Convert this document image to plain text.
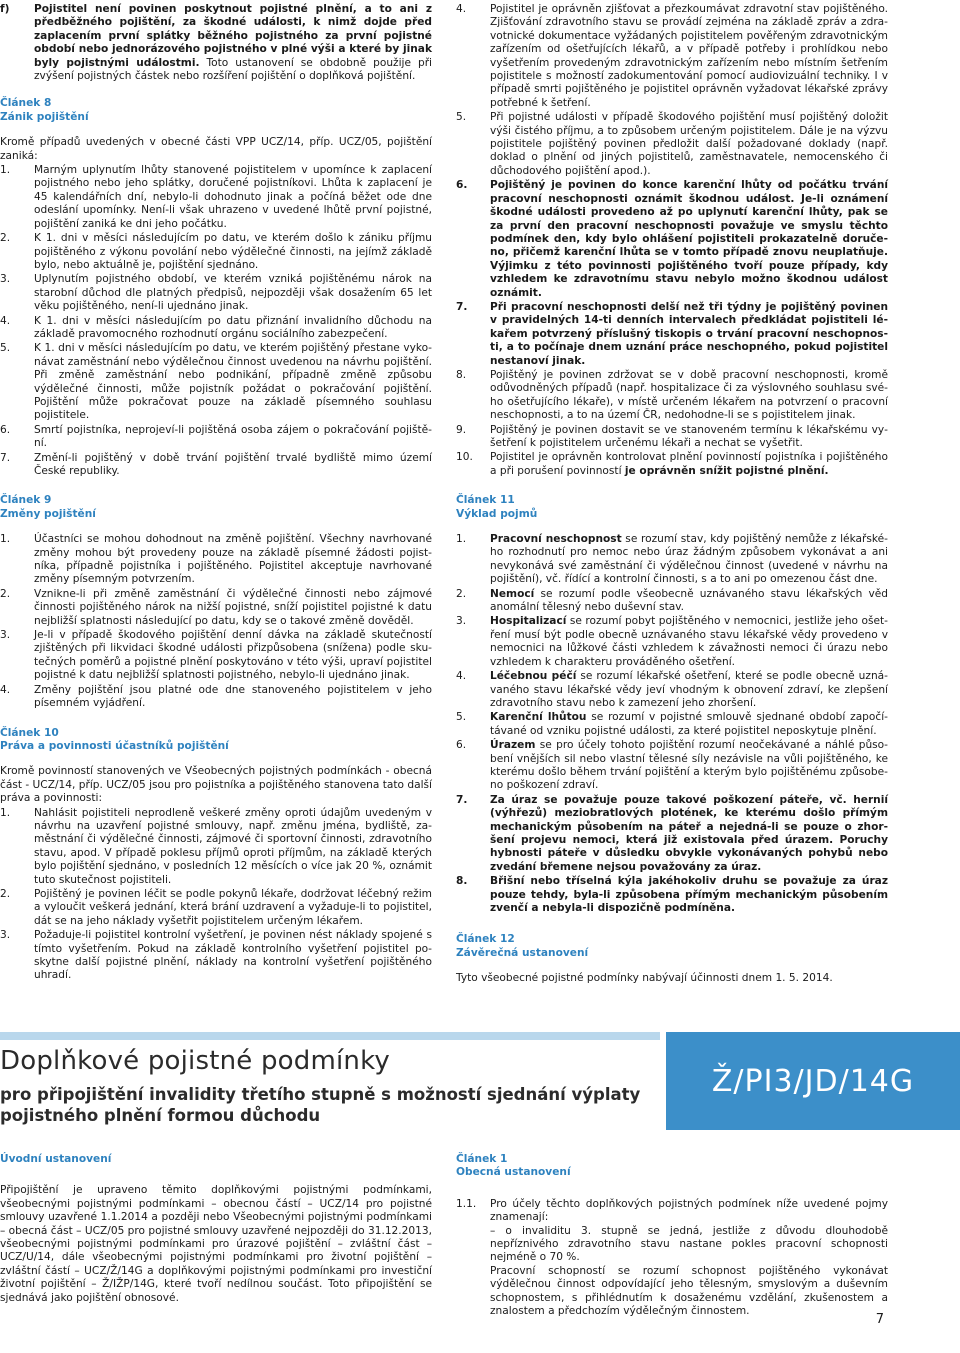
f)	Pojistitel není povinen poskytnout pojistné plnění, a to ani z předběžného pojištění, za škodné události, k nimž dojde před zaplacením první splátky běžného pojistného za první pojistné období nebo jednorázového pojistného v plné výši a které by jinak byly pojistnými událostmi. Toto ustanovení se obdobně použije při zvýšení pojistných částek nebo rozšíření pojištění o doplňková pojištění.
Článek 8
Zánik pojištění
Kromě případů uvedených v obecné části VPP UCZ/14, příp. UCZ/05, pojištění zaniká:
1.	Marným uplynutím lhůty stanovené pojistitelem v upomínce k zaplacení pojistného nebo jeho splátky, doručené pojistníkovi. Lhůta k zaplacení je 45 kalendářních dní, nebylo-li dohodnuto jinak a počíná běžet ode dne odeslání upomínky. Není-li však uhrazeno v uvedené lhůtě první pojistné, pojištění zaniká ke dni jeho počátku.
2.	K 1. dni v měsíci následujícím po datu, ve kterém došlo k zániku příjmu pojištěného z výkonu povolání nebo výdělečné činnosti, na jejímž základě bylo, nebo aktuálně je, pojištění sjednáno.
3.	Uplynutím pojistného období, ve kterém vzniká pojištěnému nárok na starobní důchod dle platných předpisů, nejpozději však dosažením 65 let věku pojištěného, není-li ujednáno jinak.
4.	K 1. dni v měsíci následujícím po datu přiznání invalidního důchodu na základě pravomocného rozhodnutí orgánu sociálního zabezpečení.
5.	K 1. dni v měsíci následujícím po datu, ve kterém pojištěný přestane vykonávat zaměstnání nebo výdělečnou činnost uvedenou na návrhu pojištění. Při změně zaměstnání nebo podnikání, případně změně způsobu výdělečné činnosti, může pojistník požádat o pokračování pojištění. Pojištění může pokračovat pouze na základě písemného souhlasu pojistitele.
6.	Smrtí pojistníka, neprojeví-li pojištěná osoba zájem o pokračování pojištění.
7.	Změní-li pojištěný v době trvání pojištění trvalé bydliště mimo území České republiky.
Článek 9
Změny pojištění
1.	Účastníci se mohou dohodnout na změně pojištění. Všechny navrhované změny mohou být provedeny pouze na základě písemné žádosti pojistníka, případně pojistníka i pojištěného. Pojistitel akceptuje navrhované změny písemným potvrzením.
2.	Vznikne-li při změně zaměstnání či výdělečné činnosti nebo zájmové činnosti pojištěného nárok na nižší pojistné, sníží pojistitel pojistné k datu nejbližší splatnosti následující po datu, kdy se o takové změně dověděl.
3.	Je-li v případě škodového pojištění denní dávka na základě skutečností zjištěných při likvidaci škodné události přizpůsobena (snížena) podle skutečných poměrů a pojistné plnění poskytováno v této výši, upraví pojistitel pojistné k datu nejbližší splatnosti pojistného, nebylo-li ujednáno jinak.
4.	Změny pojištění jsou platné ode dne stanoveného pojistitelem v jeho písemném vyjádření.
Článek 10
Práva a povinnosti účastníků pojištění
Kromě povinností stanovených ve Všeobecných pojistných podmínkách - obecná část - UCZ/14, příp. UCZ/05 jsou pro pojistníka a pojištěného stanovena tato další práva a povinnosti:
1.	Nahlásit pojistiteli neprodleně veškeré změny oproti údajům uvedeným v návrhu na uzavření pojistné smlouvy, např. změnu jména, bydliště, zaměstnání či výdělečné činnosti, zájmové či sportovní činnosti, zdravotního stavu, apod. V případě poklesu příjmů oproti příjmům, na základě kterých bylo pojištění sjednáno, v posledních 12 měsících o více jak 20 %, oznámit tuto skutečnost pojistiteli.
2.	Pojištěný je povinen léčit se podle pokynů lékaře, dodržovat léčebný režim a vyloučit veškerá jednání, která brání uzdravení a vyžaduje-li to pojistitel, dát se na jeho náklady vyšetřit pojistitelem určeným lékařem.
3.	Požaduje-li pojistitel kontrolní vyšetření, je povinen nést náklady spojené s tímto vyšetřením. Pokud na základě kontrolního vyšetření pojistitel poskytne další pojistné plnění, náklady na kontrolní vyšetření pojištěného uhradí.
4.	Pojistitel je oprávněn zjišťovat a přezkoumávat zdravotní stav pojištěného. Zjišťování zdravotního stavu se provádí zejména na základě zpráv a zdravotnické dokumentace vyžádaných pojistitelem pověřeným zdravotnickým zařízením od ošetřujících lékařů, a v případě potřeby i prohlídkou nebo vyšetřením provedeným zdravotnickým zařízením nebo místním šetřením pojistitele s možností zadokumentování pomocí audiovizuální techniky. I v případě smrti pojištěného je pojistitel oprávněn vyžadovat lékařské zprávy potřebné k šetření.
5.	Při pojistné události v případě škodového pojištění musí pojištěný doložit výši čistého příjmu, a to způsobem určeným pojistitelem. Dále je na výzvu pojistitele pojištěný povinen předložit další požadované doklady (např. doklad o plnění od jiných pojistitelů, zaměstnavatele, nemocenského či důchodového pojištění apod.).
6.	Pojištěný je povinen do konce karenční lhůty od počátku trvání pracovní neschopnosti oznámit škodnou událost. Je-li oznámení škodné události provedeno až po uplynutí karenční lhůty, pak se za první den pracovní neschopnosti považuje ve smyslu těchto podmínek den, kdy bylo ohlášení pojistiteli prokazatelně doručeno, přičemž karenční lhůta se v tomto případě znovu neuplatňuje. Výjimku z této povinnosti pojištěného tvoří pouze případy, kdy vzhledem ke zdravotnímu stavu nebylo možno škodnou událost oznámit.
7.	Při pracovní neschopnosti delší než tři týdny je pojištěný povinen v pravidelných 14-ti denních intervalech předkládat pojistiteli lékařem potvrzený příslušný tiskopis o trvání pracovní neschopnosti, a to počínaje dnem uznání práce neschopného, pokud pojistitel nestanoví jinak.
8.	Pojištěný je povinen zdržovat se v době pracovní neschopnosti, kromě odůvodněných případů (např. hospitalizace či za výslovného souhlasu svého ošetřujícího lékaře), v místě určeném lékařem na potvrzení o pracovní neschopnosti, a to na území ČR, nedohodne-li se s pojistitelem jinak.
9.	Pojištěný je povinen dostavit se ve stanoveném termínu k lékařskému vyšetření k pojistitelem určenému lékaři a nechat se vyšetřit.
10.	Pojistitel je oprávněn kontrolovat plnění povinností pojistníka i pojištěného a při porušení povinností je oprávněn snížit pojistné plnění.
Článek 11
Výklad pojmů
1.	Pracovní neschopnost se rozumí stav, kdy pojištěný nemůže z lékařského rozhodnutí pro nemoc nebo úraz žádným způsobem vykonávat a ani nevykonává své zaměstnání či výdělečnou činnost (uvedené v návrhu na pojištění), vč. řídící a kontrolní činnosti, s a to ani po omezenou část dne.
2.	Nemocí se rozumí podle všeobecně uznávaného stavu lékařských věd anomální tělesný nebo duševní stav.
3.	Hospitalizací se rozumí pobyt pojištěného v nemocnici, jestliže jeho ošetření musí být podle obecně uznávaného stavu lékařské vědy provedeno v nemocnici na lůžkové části vzhledem k závažnosti nemoci či úrazu nebo vzhledem k charakteru prováděného ošetření.
4.	Léčebnou péčí se rozumí lékařské ošetření, které se podle obecně uznávaného stavu lékařské vědy jeví vhodným k obnovení zdraví, ke zlepšení zdravotního stavu nebo k zamezení jeho zhoršení.
5.	Karenční lhůtou se rozumí v pojistné smlouvě sjednané období započítávané od vzniku pojistné události, za které pojistitel neposkytuje plnění.
6.	Úrazem se pro účely tohoto pojištění rozumí neočekávané a náhlé působení vnějších sil nebo vlastní tělesné síly nezávisle na vůli pojištěného, ke kterému došlo během trvání pojištění a kterým bylo pojištěnému způsobeno poškození zdraví.
7.	Za úraz se považuje pouze takové poškození páteře, vč. hernií (výhřezů) meziobratlových plotének, ke kterému došlo přímým mechanickým působením na páteř a nejedná-li se pouze o zhoršení projevu nemoci, která již existovala před úrazem. Poruchy hybnosti páteře v důsledku obvykle vykonávaných pohybů nebo zvedání břemene nejsou považovány za úraz.
8.	Břišní nebo tříselná kýla jakéhokoliv druhu se považuje za úraz pouze tehdy, byla-li způsobena přímým mechanickým působením zvenčí a nebyla-li dispozičně podmíněna.
Článek 12
Závěrečná ustanovení
Tyto všeobecné pojistné podmínky nabývají účinnosti dnem 1. 5. 2014.
Doplňkové pojistné podmínky
pro připojištění invalidity třetího stupně s možností sjednání výplaty pojistného plnění formou důchodu
Ž/PI3/JD/14G
Úvodní ustanovení
Připojištění je upraveno těmito doplňkovými pojistnými podmínkami, všeobecnými pojistnými podmínkami – obecnou částí – UCZ/14 pro pojistné smlouvy uzavřené 1.1.2014 a později nebo Všeobecnými pojistnými podmínkami – obecná část – UCZ/05 pro pojistné smlouvy uzavřené nejpozději do 31.12.2013, všeobecnými pojistnými podmínkami pro úrazové pojištění – zvláštní část – UCZ/U/14, dále všeobecnými pojistnými podmínkami pro životní pojištění – zvláštní částí – UCZ/Ž/14G a doplňkovými pojistnými podmínkami pro investiční životní pojištění – Ž/IŽP/14G, které tvoří nedílnou součást. Toto připojištění se sjednává jako pojištění obnosové.
Článek 1
Obecná ustanovení
1.1.	Pro účely těchto doplňkových pojistných podmínek níže uvedené pojmy znamenají:
– o invaliditu 3. stupně se jedná, jestliže z důvodu dlouhodobě nepříznivého zdravotního stavu nastane pokles pracovní schopnosti nejméně o 70 %.
Pracovní schopností se rozumí schopnost pojištěného vykonávat výdělečnou činnost odpovídající jeho tělesným, smyslovým a duševním schopnostem, s přihlédnutím k dosaženému vzdělání, zkušenostem a znalostem a předchozím výdělečným činnostem.
7
